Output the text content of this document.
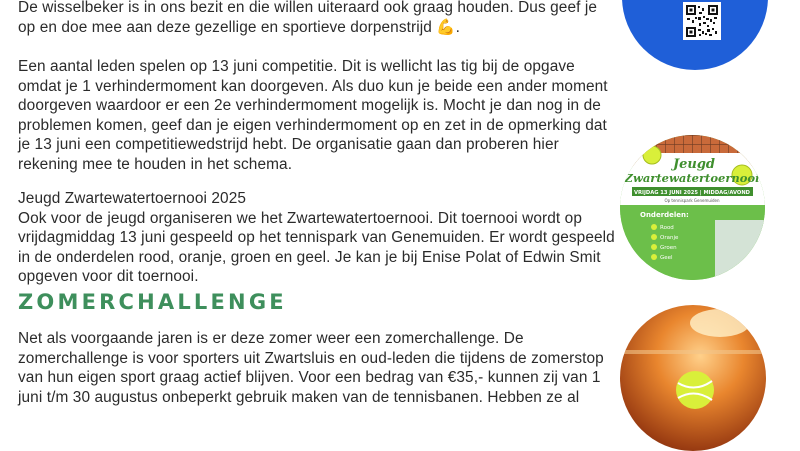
De wisselbeker is in ons bezit en die willen uiteraard ook graag houden. Dus geef je op en doe mee aan deze gezellige en sportieve dorpenstrijd 💪.

Een aantal leden spelen op 13 juni competitie. Dit is wellicht las tig bij de opgave omdat je 1 verhindermoment kan doorgeven. Als duo kun je beide een ander moment doorgeven waardoor er een 2e verhindermoment mogelijk is. Mocht je dan nog in de problemen komen, geef dan je eigen verhindermoment op en zet in de opmerking dat je 13 juni een competitiewedstrijd hebt. De organisatie gaan dan proberen hier rekening mee te houden in het schema.

Jeugd Zwartewatertoernooi 2025

Ook voor de jeugd organiseren we het Zwartewatertoernooi. Dit toernooi wordt op vrijdagmiddag 13 juni gespeeld op het tennispark van Genemuiden. Er wordt gespeeld in de onderdelen rood, oranje, groen en geel. Je kan je bij Enise Polat of Edwin Smit opgeven voor dit toernooi.

ZOMERCHALLENGE

Net als voorgaande jaren is er deze zomer weer een zomerchallenge. De zomerchallenge is voor sporters uit Zwartsluis en oud-leden die tijdens de zomerstop van hun eigen sport graag actief blijven. Voor een bedrag van €35,- kunnen zij van 1 juni t/m 30 augustus onbeperkt gebruik maken van de tennisbanen. Hebben ze al

Jeugd
Zwartewatertoernooi
VRIJDAG 13 JUNI 2025 | MIDDAG/AVOND
Op tennispark Genemuiden
Onderdelen:
Rood
Oranje
Groen
Geel
